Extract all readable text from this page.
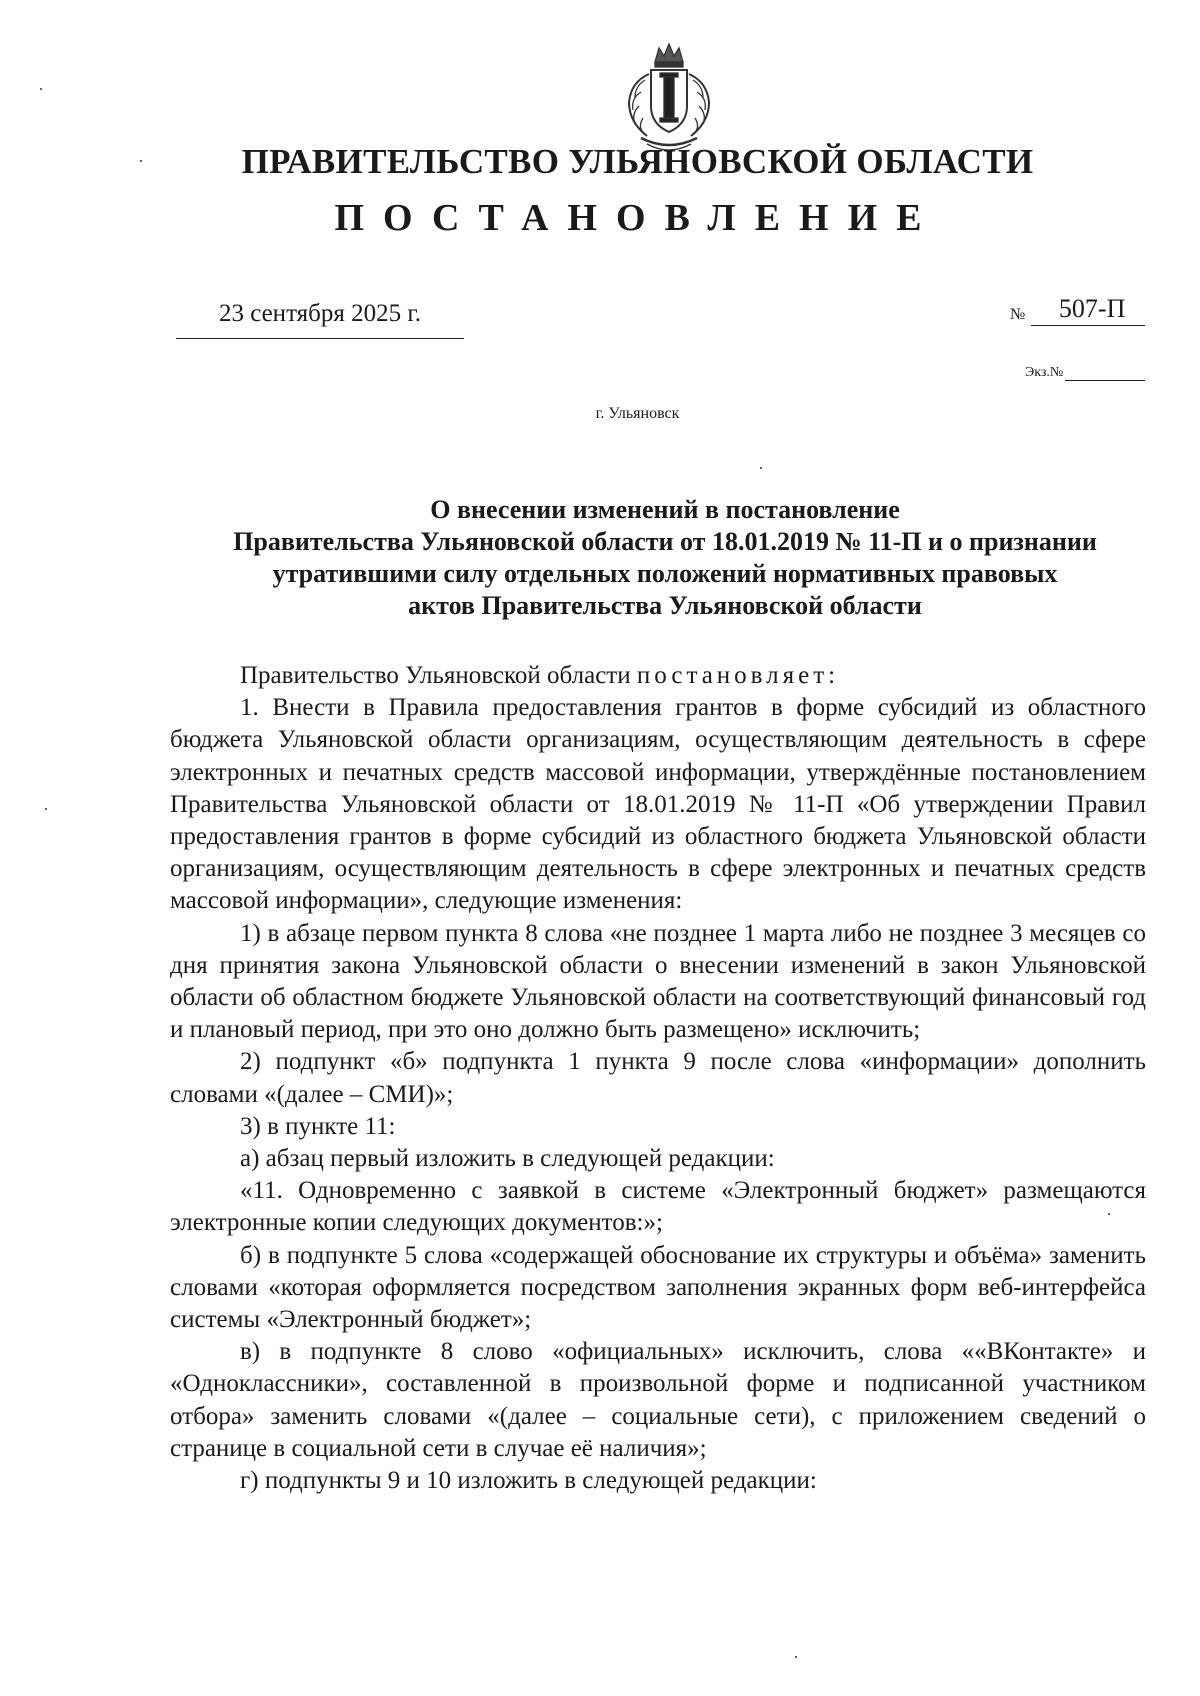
ПРАВИТЕЛЬСТВО УЛЬЯНОВСКОЙ ОБЛАСТИ
ПОСТАНОВЛЕНИЕ
23 сентября 2025 г.	№	507-П
Экз.№
г. Ульяновск
О внесении изменений в постановление
Правительства Ульяновской области от 18.01.2019 № 11-П и о признании
утратившими силу отдельных положений нормативных правовых
актов Правительства Ульяновской области
Правительство Ульяновской области постановляет:
1. Внести в Правила предоставления грантов в форме субсидий из областного бюджета Ульяновской области организациям, осуществляющим деятельность в сфере электронных и печатных средств массовой информации, утверждённые постановлением Правительства Ульяновской области от 18.01.2019 № 11-П «Об утверждении Правил предоставления грантов в форме субсидий из областного бюджета Ульяновской области организациям, осуществляющим деятельность в сфере электронных и печатных средств массовой информации», следующие изменения:
1) в абзаце первом пункта 8 слова «не позднее 1 марта либо не позднее 3 месяцев со дня принятия закона Ульяновской области о внесении изменений в закон Ульяновской области об областном бюджете Ульяновской области на соответствующий финансовый год и плановый период, при это оно должно быть размещено» исключить;
2) подпункт «б» подпункта 1 пункта 9 после слова «информации» дополнить словами «(далее – СМИ)»;
3) в пункте 11:
а) абзац первый изложить в следующей редакции:
«11. Одновременно с заявкой в системе «Электронный бюджет» размещаются электронные копии следующих документов:»;
б) в подпункте 5 слова «содержащей обоснование их структуры и объёма» заменить словами «которая оформляется посредством заполнения экранных форм веб-интерфейса системы «Электронный бюджет»;
в) в подпункте 8 слово «официальных» исключить, слова ««ВКонтакте» и «Одноклассники», составленной в произвольной форме и подписанной участником отбора» заменить словами «(далее – социальные сети), с приложением сведений о странице в социальной сети в случае её наличия»;
г) подпункты 9 и 10 изложить в следующей редакции:
